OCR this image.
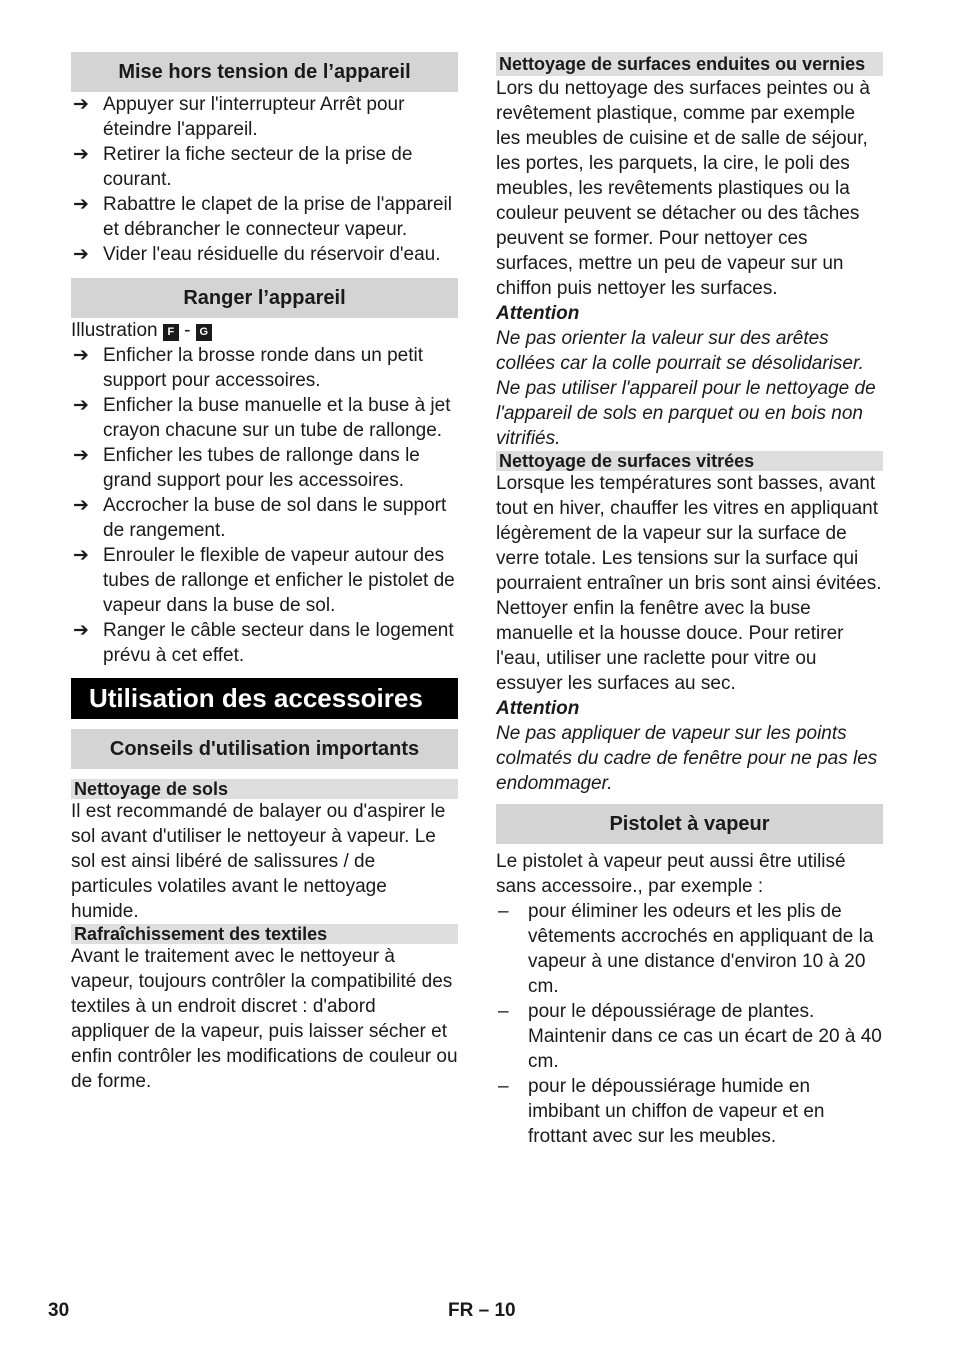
Mise hors tension de l’appareil
➔ Appuyer sur l'interrupteur Arrêt pour éteindre l'appareil.
➔ Retirer la fiche secteur de la prise de courant.
➔ Rabattre le clapet de la prise de l'appareil et débrancher le connecteur vapeur.
➔ Vider l'eau résiduelle du réservoir d'eau.
Ranger l’appareil
Illustration F - G
➔ Enficher la brosse ronde dans un petit support pour accessoires.
➔ Enficher la buse manuelle et la buse à jet crayon chacune sur un tube de rallonge.
➔ Enficher les tubes de rallonge dans le grand support pour les accessoires.
➔ Accrocher la buse de sol dans le support de rangement.
➔ Enrouler le flexible de vapeur autour des tubes de rallonge et enficher le pistolet de vapeur dans la buse de sol.
➔ Ranger le câble secteur dans le logement prévu à cet effet.
Utilisation des accessoires
Conseils d'utilisation importants
Nettoyage de sols

Il est recommandé de balayer ou d'aspirer le sol avant d'utiliser le nettoyeur à vapeur. Le sol est ainsi libéré de salissures / de particules volatiles avant le nettoyage humide.

Rafraîchissement des textiles

Avant le traitement avec le nettoyeur à vapeur, toujours contrôler la compatibilité des textiles à un endroit discret : d'abord appliquer de la vapeur, puis laisser sécher et enfin contrôler les modifications de couleur ou de forme.

Nettoyage de surfaces enduites ou vernies

Lors du nettoyage des surfaces peintes ou à revêtement plastique, comme par exemple les meubles de cuisine et de salle de séjour, les portes, les parquets, la cire, le poli des meubles, les revêtements plastiques ou la couleur peuvent se détacher ou des tâches peuvent se former. Pour nettoyer ces surfaces, mettre un peu de vapeur sur un chiffon puis nettoyer les surfaces.

Attention

Ne pas orienter la valeur sur des arêtes collées car la colle pourrait se désolidariser. Ne pas utiliser l'appareil pour le nettoyage de l'appareil de sols en parquet ou en bois non vitrifiés.

Nettoyage de surfaces vitrées

Lorsque les températures sont basses, avant tout en hiver, chauffer les vitres en appliquant légèrement de la vapeur sur la surface de verre totale. Les tensions sur la surface qui pourraient entraîner un bris sont ainsi évitées.

Nettoyer enfin la fenêtre avec la buse manuelle et la housse douce. Pour retirer l'eau, utiliser une raclette pour vitre ou essuyer les surfaces au sec.

Attention

Ne pas appliquer de vapeur sur les points colmatés du cadre de fenêtre pour ne pas les endommager.

Pistolet à vapeur

Le pistolet à vapeur peut aussi être utilisé sans accessoire., par exemple :

– pour éliminer les odeurs et les plis de vêtements accrochés en appliquant de la vapeur à une distance d'environ 10 à 20 cm.
– pour le dépoussiérage de plantes. Maintenir dans ce cas un écart de 20 à 40 cm.
– pour le dépoussiérage humide en imbibant un chiffon de vapeur et en frottant avec sur les meubles.
30	FR – 10
